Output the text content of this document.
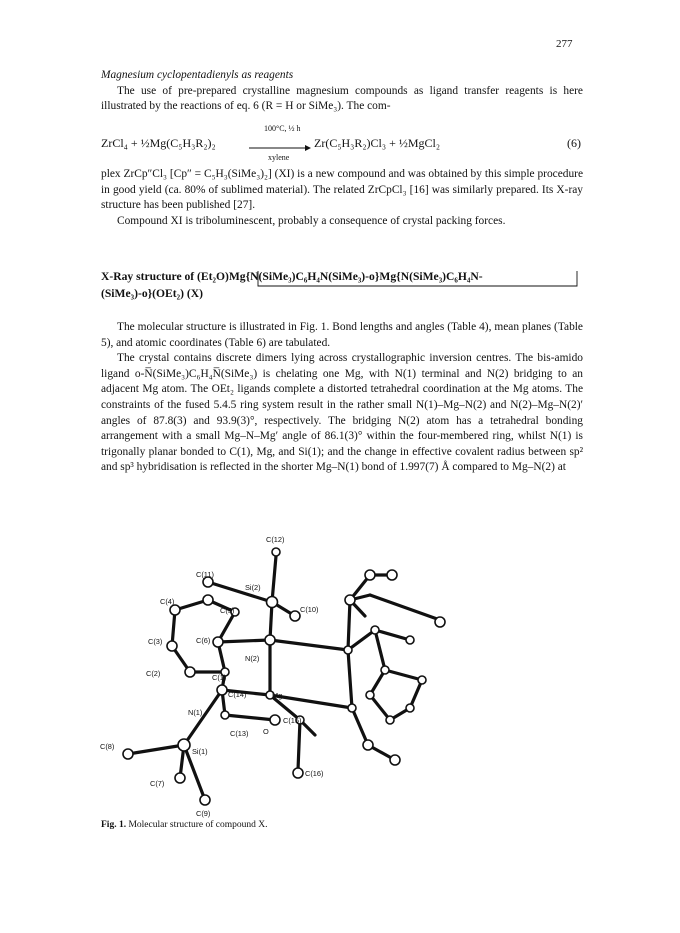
277

Magnesium cyclopentadienyls as reagents

The use of pre-prepared crystalline magnesium compounds as ligand transfer reagents is here illustrated by the reactions of eq. 6 (R = H or SiMe₃). The com-

ZrCl₄ + ½Mg(C₅H₃R₂)₂
100°C, ½ h
xylene
Zr(C₅H₃R₂)Cl₃ + ½MgCl₂	(6)

plex ZrCp″Cl₃ [Cp″ = C₅H₃(SiMe₃)₂] (XI) is a new compound and was obtained by this simple procedure in good yield (ca. 80% of sublimed material). The related ZrCpCl₃ [16] was similarly prepared. Its X-ray structure has been published [27].

Compound XI is triboluminescent, probably a consequence of crystal packing forces.

X-Ray structure of (Et₂O)Mg{N(SiMe₃)C₆H₄N(SiMe₃)-o}Mg{N(SiMe₃)C₆H₄N-
(SiMe₃)-o}(OEt₂) (X)

The molecular structure is illustrated in Fig. 1. Bond lengths and angles (Table 4), mean planes (Table 5), and atomic coordinates (Table 6) are tabulated.

The crystal contains discrete dimers lying across crystallographic inversion centres. The bis-amido ligand o-N̅(SiMe₃)C₆H₄N̅(SiMe₃) is chelating one Mg, with N(1) terminal and N(2) bridging to an adjacent Mg atom. The OEt₂ ligands complete a distorted tetrahedral coordination at the Mg atoms. The constraints of the fused 5.4.5 ring system result in the rather small N(1)–Mg–N(2) and N(2)–Mg–N(2)′ angles of 87.8(3) and 93.9(3)°, respectively. The bridging N(2) atom has a tetrahedral bonding arrangement with a small Mg–N–Mg′ angle of 86.1(3)° within the four-membered ring, whilst N(1) is trigonally planar bonded to C(1), Mg, and Si(1); and the change in effective covalent radius between sp² and sp³ hybridisation is reflected in the shorter Mg–N(1) bond of 1.997(7) Å compared to Mg–N(2) at

C(12)
C(11)
Si(2)
C(4)
C(5)	C(10)
C(3)	C(6)
N(2)
C(2)	C(1)
C(14)	Mg
N(1)
C(15)
C(13) O
C(8)
Si(1)
C(7)
C(16)
C(9)
Fig. 1. Molecular structure of compound X.
